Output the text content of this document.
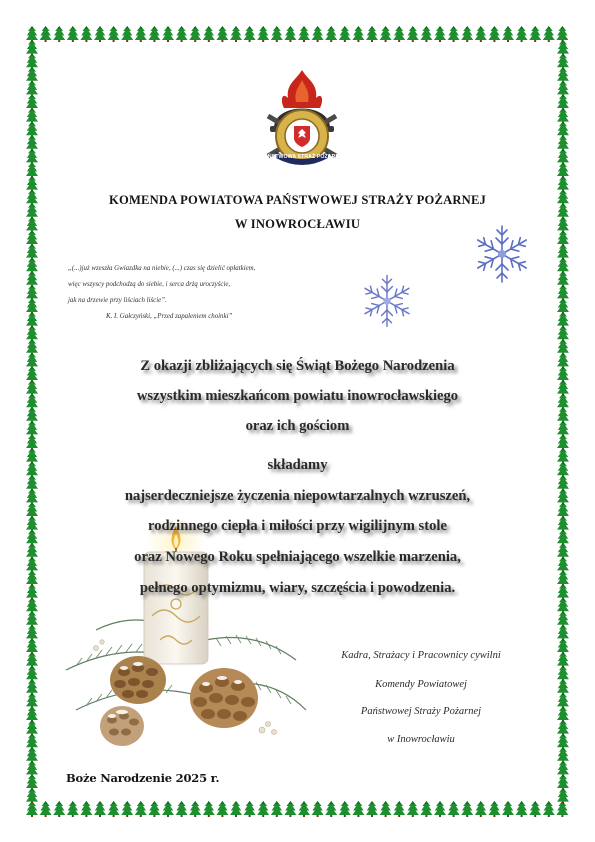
PAŃSTWOWA STRAŻ POŻARNA
KOMENDA POWIATOWA PAŃSTWOWEJ STRAŻY POŻARNEJ
W INOWROCŁAWIU
„(...)już wzeszła Gwiazdka na niebie, (...) czas się dzielić opłatkiem,
więc wszyscy podchodzą do siebie, i serca drżą uroczyście,
jak na drzewie przy liściach liście”.
K. I. Gałczyński, „Przed zapaleniem choinki”
Z okazji zbliżających się Świąt Bożego Narodzenia
wszystkim mieszkańcom powiatu inowrocławskiego
oraz ich gościom
składamy
najserdeczniejsze życzenia niepowtarzalnych wzruszeń,
rodzinnego ciepła i miłości przy wigilijnym stole
oraz Nowego Roku spełniającego wszelkie marzenia,
pełnego optymizmu, wiary, szczęścia i powodzenia.
Kadra, Strażacy i Pracownicy cywilni
Komendy Powiatowej
Państwowej Straży Pożarnej
w Inowrocławiu
Boże Narodzenie 2025 r.
